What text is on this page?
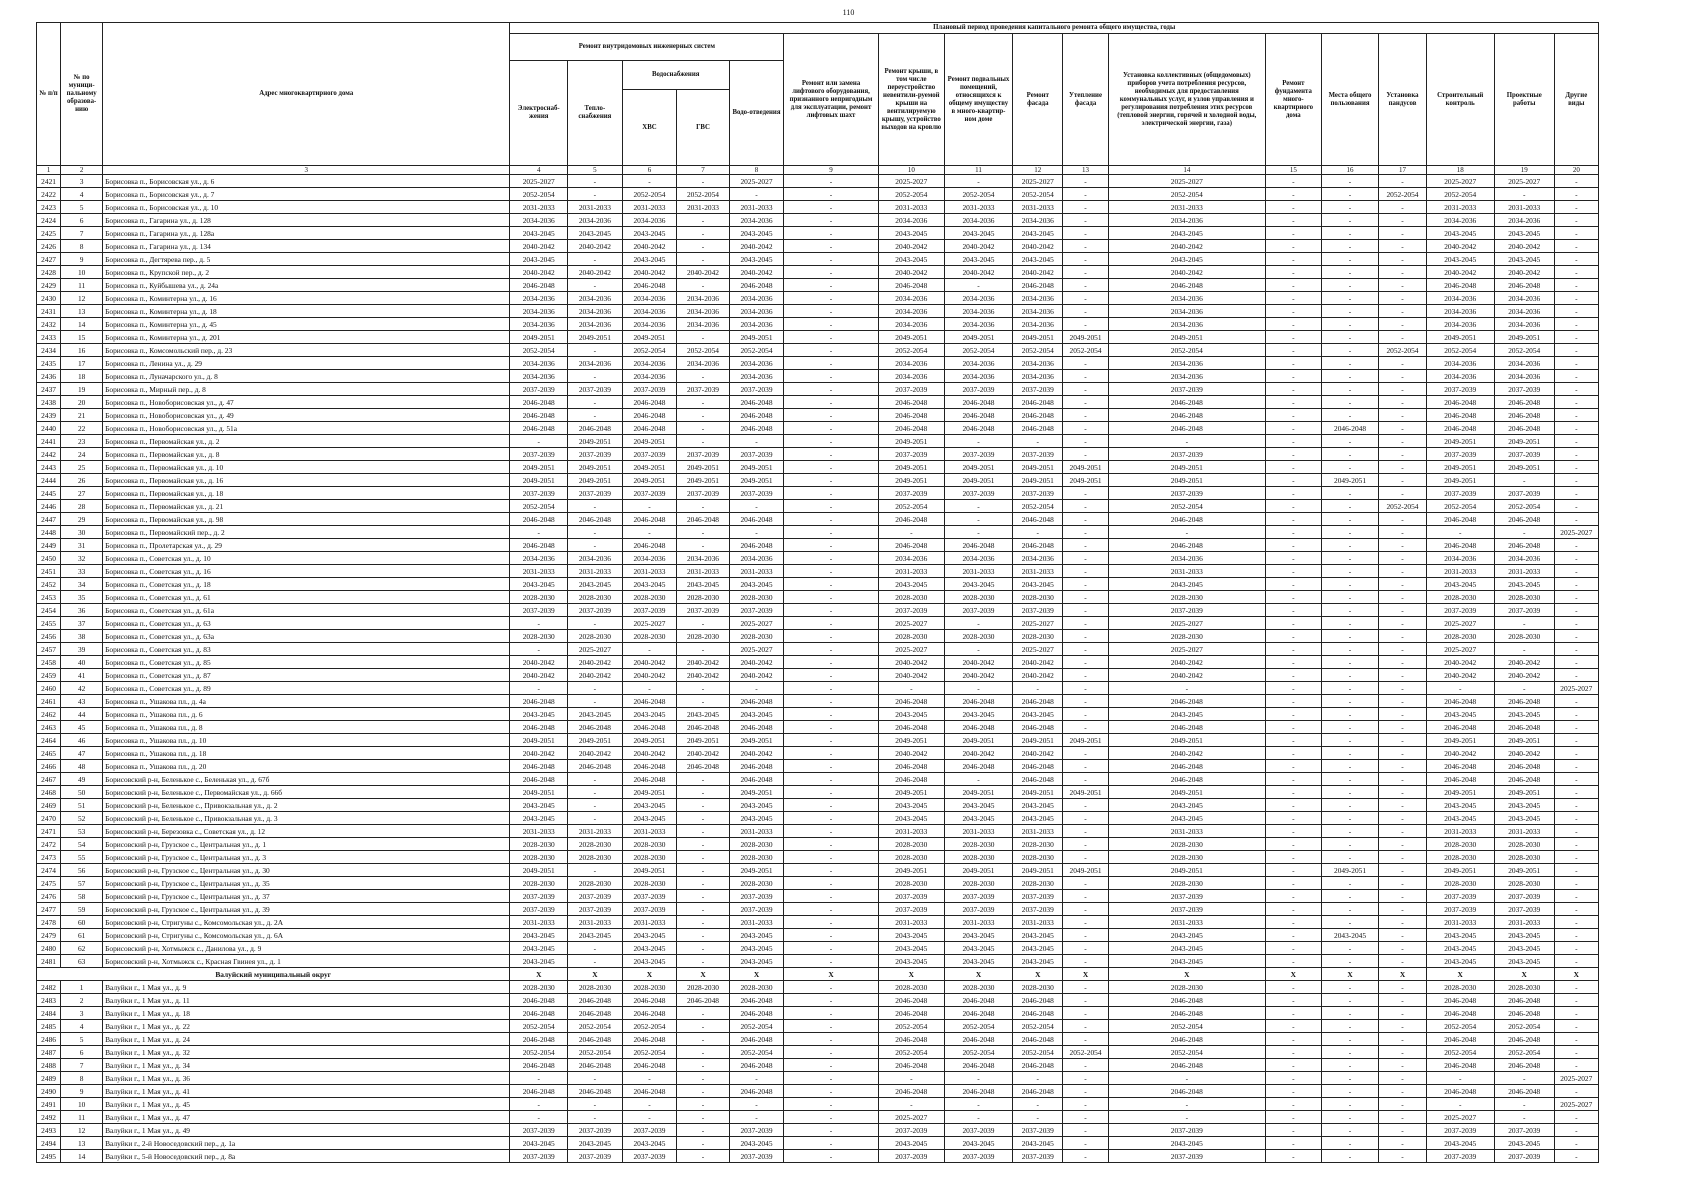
110
№ п/п	№ по муници-пальному образова-нию	Адрес многоквартирного дома	Плановый период проведения капитального ремонта общего имущества, годы																
			Ремонт внутридомовых инженерных систем					Ремонт или замена лифтового оборудования, признанного непригодным для эксплуатации, ремонт лифтовых шахт	Ремонт крыши, в том числе переустройство невентили-руемой крыши на вентилируемую крышу, устройство выходов на кровлю	Ремонт подвальных помещений, относящихся к общему имуществу в много-квартир-ном доме	Ремонт фасада	Утепление фасада	Установка коллективных (общедомовых) приборов учета потребления ресурсов, необходимых для предоставления коммунальных услуг, и узлов управления и регулирования потребления этих ресурсов (тепловой энергии, горячей и холодной воды, электрической энергии, газа)	Ремонт фундамента много-квартирного дома	Места общего пользования	Установка пандусов	Строительный контроль	Проектные работы	Другие виды
			Электроснаб-жения	Тепло-снабжения	Водоснабжения		Водо-отведения												
					ХВС	ГВС													
1	2	3	4	5	6	7	8	9	10	11	12	13	14	15	16	17	18	19	20
2421	3	Борисовка п., Борисовская ул., д. 6	2025-2027	-	-	-	2025-2027	-	2025-2027	-	2025-2027	-	2025-2027	-	-	-	2025-2027	2025-2027	-
2422	4	Борисовка п., Борисовская ул., д. 7	2052-2054	-	2052-2054	2052-2054	-	-	2052-2054	2052-2054	2052-2054	-	2052-2054	-	-	2052-2054	2052-2054	-	-
2423	5	Борисовка п., Борисовская ул., д. 10	2031-2033	2031-2033	2031-2033	2031-2033	2031-2033	-	2031-2033	2031-2033	2031-2033	-	2031-2033	-	-	-	2031-2033	2031-2033	-
2424	6	Борисовка п., Гагарина ул., д. 128	2034-2036	2034-2036	2034-2036	-	2034-2036	-	2034-2036	2034-2036	2034-2036	-	2034-2036	-	-	-	2034-2036	2034-2036	-
2425	7	Борисовка п., Гагарина ул., д. 128а	2043-2045	2043-2045	2043-2045	-	2043-2045	-	2043-2045	2043-2045	2043-2045	-	2043-2045	-	-	-	2043-2045	2043-2045	-
2426	8	Борисовка п., Гагарина ул., д. 134	2040-2042	2040-2042	2040-2042	-	2040-2042	-	2040-2042	2040-2042	2040-2042	-	2040-2042	-	-	-	2040-2042	2040-2042	-
2427	9	Борисовка п., Дегтярева пер., д. 5	2043-2045	-	2043-2045	-	2043-2045	-	2043-2045	2043-2045	2043-2045	-	2043-2045	-	-	-	2043-2045	2043-2045	-
2428	10	Борисовка п., Крупской пер., д. 2	2040-2042	2040-2042	2040-2042	2040-2042	2040-2042	-	2040-2042	2040-2042	2040-2042	-	2040-2042	-	-	-	2040-2042	2040-2042	-
2429	11	Борисовка п., Куйбышева ул., д. 24а	2046-2048	-	2046-2048	-	2046-2048	-	2046-2048	-	2046-2048	-	2046-2048	-	-	-	2046-2048	2046-2048	-
2430	12	Борисовка п., Коминтерна ул., д. 16	2034-2036	2034-2036	2034-2036	2034-2036	2034-2036	-	2034-2036	2034-2036	2034-2036	-	2034-2036	-	-	-	2034-2036	2034-2036	-
2431	13	Борисовка п., Коминтерна ул., д. 18	2034-2036	2034-2036	2034-2036	2034-2036	2034-2036	-	2034-2036	2034-2036	2034-2036	-	2034-2036	-	-	-	2034-2036	2034-2036	-
2432	14	Борисовка п., Коминтерна ул., д. 45	2034-2036	2034-2036	2034-2036	2034-2036	2034-2036	-	2034-2036	2034-2036	2034-2036	-	2034-2036	-	-	-	2034-2036	2034-2036	-
2433	15	Борисовка п., Коминтерна ул., д. 201	2049-2051	2049-2051	2049-2051	-	2049-2051	-	2049-2051	2049-2051	2049-2051	2049-2051	2049-2051	-	-	-	2049-2051	2049-2051	-
2434	16	Борисовка п., Комсомольский пер., д. 23	2052-2054	-	2052-2054	2052-2054	2052-2054	-	2052-2054	2052-2054	2052-2054	2052-2054	2052-2054	-	-	2052-2054	2052-2054	2052-2054	-
2435	17	Борисовка п., Ленина ул., д. 29	2034-2036	2034-2036	2034-2036	2034-2036	2034-2036	-	2034-2036	2034-2036	2034-2036	-	2034-2036	-	-	-	2034-2036	2034-2036	-
2436	18	Борисовка п., Луначарского ул., д. 8	2034-2036	-	2034-2036	-	2034-2036	-	2034-2036	2034-2036	2034-2036	-	2034-2036	-	-	-	2034-2036	2034-2036	-
2437	19	Борисовка п., Мирный пер., д. 8	2037-2039	2037-2039	2037-2039	2037-2039	2037-2039	-	2037-2039	2037-2039	2037-2039	-	2037-2039	-	-	-	2037-2039	2037-2039	-
2438	20	Борисовка п., Новоборисовская ул., д. 47	2046-2048	-	2046-2048	-	2046-2048	-	2046-2048	2046-2048	2046-2048	-	2046-2048	-	-	-	2046-2048	2046-2048	-
2439	21	Борисовка п., Новоборисовская ул., д. 49	2046-2048	-	2046-2048	-	2046-2048	-	2046-2048	2046-2048	2046-2048	-	2046-2048	-	-	-	2046-2048	2046-2048	-
2440	22	Борисовка п., Новоборисовская ул., д. 51а	2046-2048	2046-2048	2046-2048	-	2046-2048	-	2046-2048	2046-2048	2046-2048	-	2046-2048	-	2046-2048	-	2046-2048	2046-2048	-
2441	23	Борисовка п., Первомайская ул., д. 2	-	2049-2051	2049-2051	-	-	-	2049-2051	-	-	-	-	-	-	-	2049-2051	2049-2051	-
2442	24	Борисовка п., Первомайская ул., д. 8	2037-2039	2037-2039	2037-2039	2037-2039	2037-2039	-	2037-2039	2037-2039	2037-2039	-	2037-2039	-	-	-	2037-2039	2037-2039	-
2443	25	Борисовка п., Первомайская ул., д. 10	2049-2051	2049-2051	2049-2051	2049-2051	2049-2051	-	2049-2051	2049-2051	2049-2051	2049-2051	2049-2051	-	-	-	2049-2051	2049-2051	-
2444	26	Борисовка п., Первомайская ул., д. 16	2049-2051	2049-2051	2049-2051	2049-2051	2049-2051	-	2049-2051	2049-2051	2049-2051	2049-2051	2049-2051	-	2049-2051	-	2049-2051	-	-
2445	27	Борисовка п., Первомайская ул., д. 18	2037-2039	2037-2039	2037-2039	2037-2039	2037-2039	-	2037-2039	2037-2039	2037-2039	-	2037-2039	-	-	-	2037-2039	2037-2039	-
2446	28	Борисовка п., Первомайская ул., д. 21	2052-2054	-	-	-	-	-	2052-2054	-	2052-2054	-	2052-2054	-	-	2052-2054	2052-2054	2052-2054	-
2447	29	Борисовка п., Первомайская ул., д. 98	2046-2048	2046-2048	2046-2048	2046-2048	2046-2048	-	2046-2048	-	2046-2048	-	2046-2048	-	-	-	2046-2048	2046-2048	-
2448	30	Борисовка п., Первомайский пер., д. 2	-	-	-	-	-	-	-	-	-	-	-	-	-	-	-	-	2025-2027
2449	31	Борисовка п., Пролетарская ул., д. 29	2046-2048	-	2046-2048	-	2046-2048	-	2046-2048	2046-2048	2046-2048	-	2046-2048	-	-	-	2046-2048	2046-2048	-
2450	32	Борисовка п., Советская ул., д. 10	2034-2036	2034-2036	2034-2036	2034-2036	2034-2036	-	2034-2036	2034-2036	2034-2036	-	2034-2036	-	-	-	2034-2036	2034-2036	-
2451	33	Борисовка п., Советская ул., д. 16	2031-2033	2031-2033	2031-2033	2031-2033	2031-2033	-	2031-2033	2031-2033	2031-2033	-	2031-2033	-	-	-	2031-2033	2031-2033	-
2452	34	Борисовка п., Советская ул., д. 18	2043-2045	2043-2045	2043-2045	2043-2045	2043-2045	-	2043-2045	2043-2045	2043-2045	-	2043-2045	-	-	-	2043-2045	2043-2045	-
2453	35	Борисовка п., Советская ул., д. 61	2028-2030	2028-2030	2028-2030	2028-2030	2028-2030	-	2028-2030	2028-2030	2028-2030	-	2028-2030	-	-	-	2028-2030	2028-2030	-
2454	36	Борисовка п., Советская ул., д. 61а	2037-2039	2037-2039	2037-2039	2037-2039	2037-2039	-	2037-2039	2037-2039	2037-2039	-	2037-2039	-	-	-	2037-2039	2037-2039	-
2455	37	Борисовка п., Советская ул., д. 63	-	-	2025-2027	-	2025-2027	-	2025-2027	-	2025-2027	-	2025-2027	-	-	-	2025-2027	-	-
2456	38	Борисовка п., Советская ул., д. 63а	2028-2030	2028-2030	2028-2030	2028-2030	2028-2030	-	2028-2030	2028-2030	2028-2030	-	2028-2030	-	-	-	2028-2030	2028-2030	-
2457	39	Борисовка п., Советская ул., д. 83	-	2025-2027	-	-	2025-2027	-	2025-2027	-	2025-2027	-	2025-2027	-	-	-	2025-2027	-	-
2458	40	Борисовка п., Советская ул., д. 85	2040-2042	2040-2042	2040-2042	2040-2042	2040-2042	-	2040-2042	2040-2042	2040-2042	-	2040-2042	-	-	-	2040-2042	2040-2042	-
2459	41	Борисовка п., Советская ул., д. 87	2040-2042	2040-2042	2040-2042	2040-2042	2040-2042	-	2040-2042	2040-2042	2040-2042	-	2040-2042	-	-	-	2040-2042	2040-2042	-
2460	42	Борисовка п., Советская ул., д. 89	-	-	-	-	-	-	-	-	-	-	-	-	-	-	-	-	2025-2027
2461	43	Борисовка п., Ушакова пл., д. 4а	2046-2048	-	2046-2048	-	2046-2048	-	2046-2048	2046-2048	2046-2048	-	2046-2048	-	-	-	2046-2048	2046-2048	-
2462	44	Борисовка п., Ушакова пл., д. 6	2043-2045	2043-2045	2043-2045	2043-2045	2043-2045	-	2043-2045	2043-2045	2043-2045	-	2043-2045	-	-	-	2043-2045	2043-2045	-
2463	45	Борисовка п., Ушакова пл., д. 8	2046-2048	2046-2048	2046-2048	2046-2048	2046-2048	-	2046-2048	2046-2048	2046-2048	-	2046-2048	-	-	-	2046-2048	2046-2048	-
2464	46	Борисовка п., Ушакова пл., д. 10	2049-2051	2049-2051	2049-2051	2049-2051	2049-2051	-	2049-2051	2049-2051	2049-2051	2049-2051	2049-2051	-	-	-	2049-2051	2049-2051	-
2465	47	Борисовка п., Ушакова пл., д. 18	2040-2042	2040-2042	2040-2042	2040-2042	2040-2042	-	2040-2042	2040-2042	2040-2042	-	2040-2042	-	-	-	2040-2042	2040-2042	-
2466	48	Борисовка п., Ушакова пл., д. 20	2046-2048	2046-2048	2046-2048	2046-2048	2046-2048	-	2046-2048	2046-2048	2046-2048	-	2046-2048	-	-	-	2046-2048	2046-2048	-
2467	49	Борисовский р-н, Беленькое с., Беленькая ул., д. 67б	2046-2048	-	2046-2048	-	2046-2048	-	2046-2048	-	2046-2048	-	2046-2048	-	-	-	2046-2048	2046-2048	-
2468	50	Борисовский р-н, Беленькое с., Первомайская ул., д. 66б	2049-2051	-	2049-2051	-	2049-2051	-	2049-2051	2049-2051	2049-2051	2049-2051	2049-2051	-	-	-	2049-2051	2049-2051	-
2469	51	Борисовский р-н, Беленькое с., Привокзальная ул., д. 2	2043-2045	-	2043-2045	-	2043-2045	-	2043-2045	2043-2045	2043-2045	-	2043-2045	-	-	-	2043-2045	2043-2045	-
2470	52	Борисовский р-н, Беленькое с., Привокзальная ул., д. 3	2043-2045	-	2043-2045	-	2043-2045	-	2043-2045	2043-2045	2043-2045	-	2043-2045	-	-	-	2043-2045	2043-2045	-
2471	53	Борисовский р-н, Березовка с., Советская ул., д. 12	2031-2033	2031-2033	2031-2033	-	2031-2033	-	2031-2033	2031-2033	2031-2033	-	2031-2033	-	-	-	2031-2033	2031-2033	-
2472	54	Борисовский р-н, Грузское с., Центральная ул., д. 1	2028-2030	2028-2030	2028-2030	-	2028-2030	-	2028-2030	2028-2030	2028-2030	-	2028-2030	-	-	-	2028-2030	2028-2030	-
2473	55	Борисовский р-н, Грузское с., Центральная ул., д. 3	2028-2030	2028-2030	2028-2030	-	2028-2030	-	2028-2030	2028-2030	2028-2030	-	2028-2030	-	-	-	2028-2030	2028-2030	-
2474	56	Борисовский р-н, Грузское с., Центральная ул., д. 30	2049-2051	-	2049-2051	-	2049-2051	-	2049-2051	2049-2051	2049-2051	2049-2051	2049-2051	-	2049-2051	-	2049-2051	2049-2051	-
2475	57	Борисовский р-н, Грузское с., Центральная ул., д. 35	2028-2030	2028-2030	2028-2030	-	2028-2030	-	2028-2030	2028-2030	2028-2030	-	2028-2030	-	-	-	2028-2030	2028-2030	-
2476	58	Борисовский р-н, Грузское с., Центральная ул., д. 37	2037-2039	2037-2039	2037-2039	-	2037-2039	-	2037-2039	2037-2039	2037-2039	-	2037-2039	-	-	-	2037-2039	2037-2039	-
2477	59	Борисовский р-н, Грузское с., Центральная ул., д. 39	2037-2039	2037-2039	2037-2039	-	2037-2039	-	2037-2039	2037-2039	2037-2039	-	2037-2039	-	-	-	2037-2039	2037-2039	-
2478	60	Борисовский р-н, Стригуны с., Комсомольская ул., д. 2А	2031-2033	2031-2033	2031-2033	-	2031-2033	-	2031-2033	2031-2033	2031-2033	-	2031-2033	-	-	-	2031-2033	2031-2033	-
2479	61	Борисовский р-н, Стригуны с., Комсомольская ул., д. 6А	2043-2045	2043-2045	2043-2045	-	2043-2045	-	2043-2045	2043-2045	2043-2045	-	2043-2045	-	2043-2045	-	2043-2045	2043-2045	-
2480	62	Борисовский р-н, Хотмыжск с., Данилова ул., д. 9	2043-2045	-	2043-2045	-	2043-2045	-	2043-2045	2043-2045	2043-2045	-	2043-2045	-	-	-	2043-2045	2043-2045	-
2481	63	Борисовский р-н, Хотмыжск с., Красная Гвинея ул., д. 1	2043-2045	-	2043-2045	-	2043-2045	-	2043-2045	2043-2045	2043-2045	-	2043-2045	-	-	-	2043-2045	2043-2045	-
Валуйский муниципальный округ			X	X	X	X	X	X	X	X	X	X	X	X	X	X	X	X	X
2482	1	Валуйки г., 1 Мая ул., д. 9	2028-2030	2028-2030	2028-2030	2028-2030	2028-2030	-	2028-2030	2028-2030	2028-2030	-	2028-2030	-	-	-	2028-2030	2028-2030	-
2483	2	Валуйки г., 1 Мая ул., д. 11	2046-2048	2046-2048	2046-2048	2046-2048	2046-2048	-	2046-2048	2046-2048	2046-2048	-	2046-2048	-	-	-	2046-2048	2046-2048	-
2484	3	Валуйки г., 1 Мая ул., д. 18	2046-2048	2046-2048	2046-2048	-	2046-2048	-	2046-2048	2046-2048	2046-2048	-	2046-2048	-	-	-	2046-2048	2046-2048	-
2485	4	Валуйки г., 1 Мая ул., д. 22	2052-2054	2052-2054	2052-2054	-	2052-2054	-	2052-2054	2052-2054	2052-2054	-	2052-2054	-	-	-	2052-2054	2052-2054	-
2486	5	Валуйки г., 1 Мая ул., д. 24	2046-2048	2046-2048	2046-2048	-	2046-2048	-	2046-2048	2046-2048	2046-2048	-	2046-2048	-	-	-	2046-2048	2046-2048	-
2487	6	Валуйки г., 1 Мая ул., д. 32	2052-2054	2052-2054	2052-2054	-	2052-2054	-	2052-2054	2052-2054	2052-2054	2052-2054	2052-2054	-	-	-	2052-2054	2052-2054	-
2488	7	Валуйки г., 1 Мая ул., д. 34	2046-2048	2046-2048	2046-2048	-	2046-2048	-	2046-2048	2046-2048	2046-2048	-	2046-2048	-	-	-	2046-2048	2046-2048	-
2489	8	Валуйки г., 1 Мая ул., д. 36	-	-	-	-	-	-	-	-	-	-	-	-	-	-	-	-	2025-2027
2490	9	Валуйки г., 1 Мая ул., д. 41	2046-2048	2046-2048	2046-2048	-	2046-2048	-	2046-2048	2046-2048	2046-2048	-	2046-2048	-	-	-	2046-2048	2046-2048	-
2491	10	Валуйки г., 1 Мая ул., д. 45	-	-	-	-	-	-	-	-	-	-	-	-	-	-	-	-	2025-2027
2492	11	Валуйки г., 1 Мая ул., д. 47	-	-	-	-	-	-	2025-2027	-	-	-	-	-	-	-	2025-2027	-	-
2493	12	Валуйки г., 1 Мая ул., д. 49	2037-2039	2037-2039	2037-2039	-	2037-2039	-	2037-2039	2037-2039	2037-2039	-	2037-2039	-	-	-	2037-2039	2037-2039	-
2494	13	Валуйки г., 2-й Новоседовский пер., д. 1а	2043-2045	2043-2045	2043-2045	-	2043-2045	-	2043-2045	2043-2045	2043-2045	-	2043-2045	-	-	-	2043-2045	2043-2045	-
2495	14	Валуйки г., 5-й Новоседовский пер., д. 8а	2037-2039	2037-2039	2037-2039	-	2037-2039	-	2037-2039	2037-2039	2037-2039	-	2037-2039	-	-	-	2037-2039	2037-2039	-
